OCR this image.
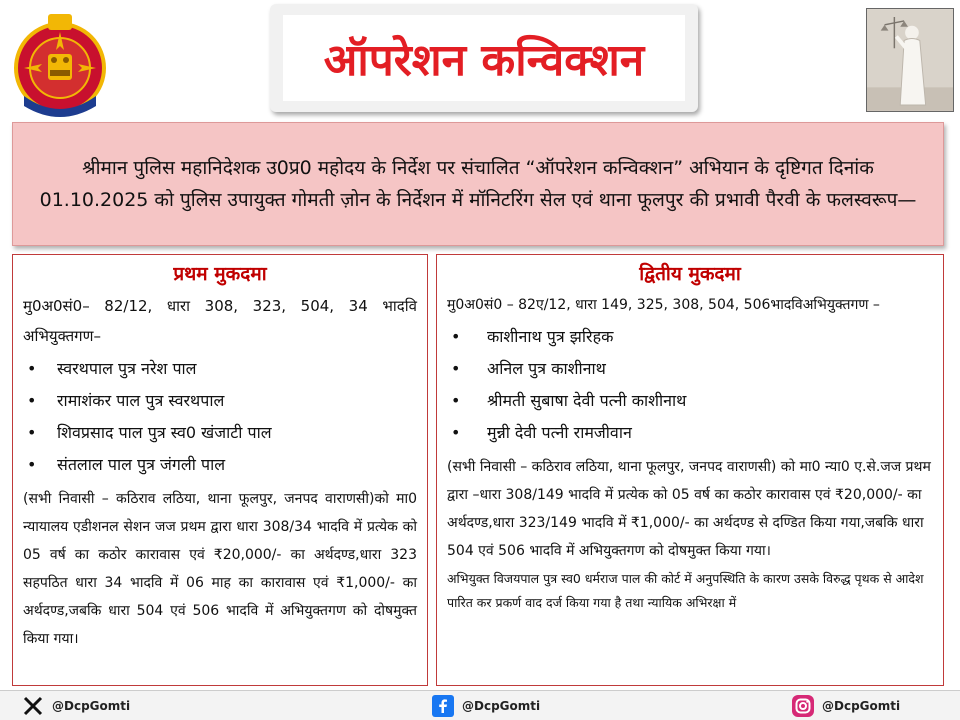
ऑपरेशन कन्विक्शन

श्रीमान पुलिस महानिदेशक उ0प्र0 महोदय के निर्देश पर संचालित “ऑपरेशन कन्विक्शन” अभियान के दृष्टिगत दिनांक 01.10.2025 को पुलिस उपायुक्त गोमती ज़ोन के निर्देशन में मॉनिटरिंग सेल एवं थाना फूलपुर की प्रभावी पैरवी के फलस्वरूप—

प्रथम मुकदमा
मु0अ0सं0– 82/12, धारा 308, 323, 504, 34 भादवि अभियुक्तगण–
• स्वरथपाल पुत्र नरेश पाल
• रामाशंकर पाल पुत्र स्वरथपाल
• शिवप्रसाद पाल पुत्र स्व0 खंजाटी पाल
• संतलाल पाल पुत्र जंगली पाल
(सभी निवासी – कठिराव लठिया, थाना फूलपुर, जनपद वाराणसी)को मा0 न्यायालय एडीशनल सेशन जज प्रथम द्वारा धारा 308/34 भादवि में प्रत्येक को 05 वर्ष का कठोर कारावास एवं ₹20,000/- का अर्थदण्ड,धारा 323 सहपठित धारा 34 भादवि में 06 माह का कारावास एवं ₹1,000/- का अर्थदण्ड,जबकि धारा 504 एवं 506 भादवि में अभियुक्तगण को दोषमुक्त किया गया।
द्वितीय मुकदमा
मु0अ0सं0 – 82ए/12, धारा 149, 325, 308, 504, 506भादविअभियुक्तगण –
• काशीनाथ पुत्र झरिहक
• अनिल पुत्र काशीनाथ
• श्रीमती सुबाषा देवी पत्नी काशीनाथ
• मुन्नी देवी पत्नी रामजीवान
(सभी निवासी – कठिराव लठिया, थाना फूलपुर, जनपद वाराणसी) को मा0 न्या0 ए.से.जज प्रथम द्वारा –धारा 308/149 भादवि में प्रत्येक को 05 वर्ष का कठोर कारावास एवं ₹20,000/- का अर्थदण्ड,धारा 323/149 भादवि में ₹1,000/- का अर्थदण्ड से दण्डित किया गया,जबकि धारा 504 एवं 506 भादवि में अभियुक्तगण को दोषमुक्त किया गया।
अभियुक्त विजयपाल पुत्र स्व0 धर्मराज पाल की कोर्ट में अनुपस्थिति के कारण उसके विरुद्ध पृथक से आदेश पारित कर प्रकर्ण वाद दर्ज किया गया है तथा न्यायिक अभिरक्षा में
@DcpGomti	@DcpGomti	@DcpGomti
